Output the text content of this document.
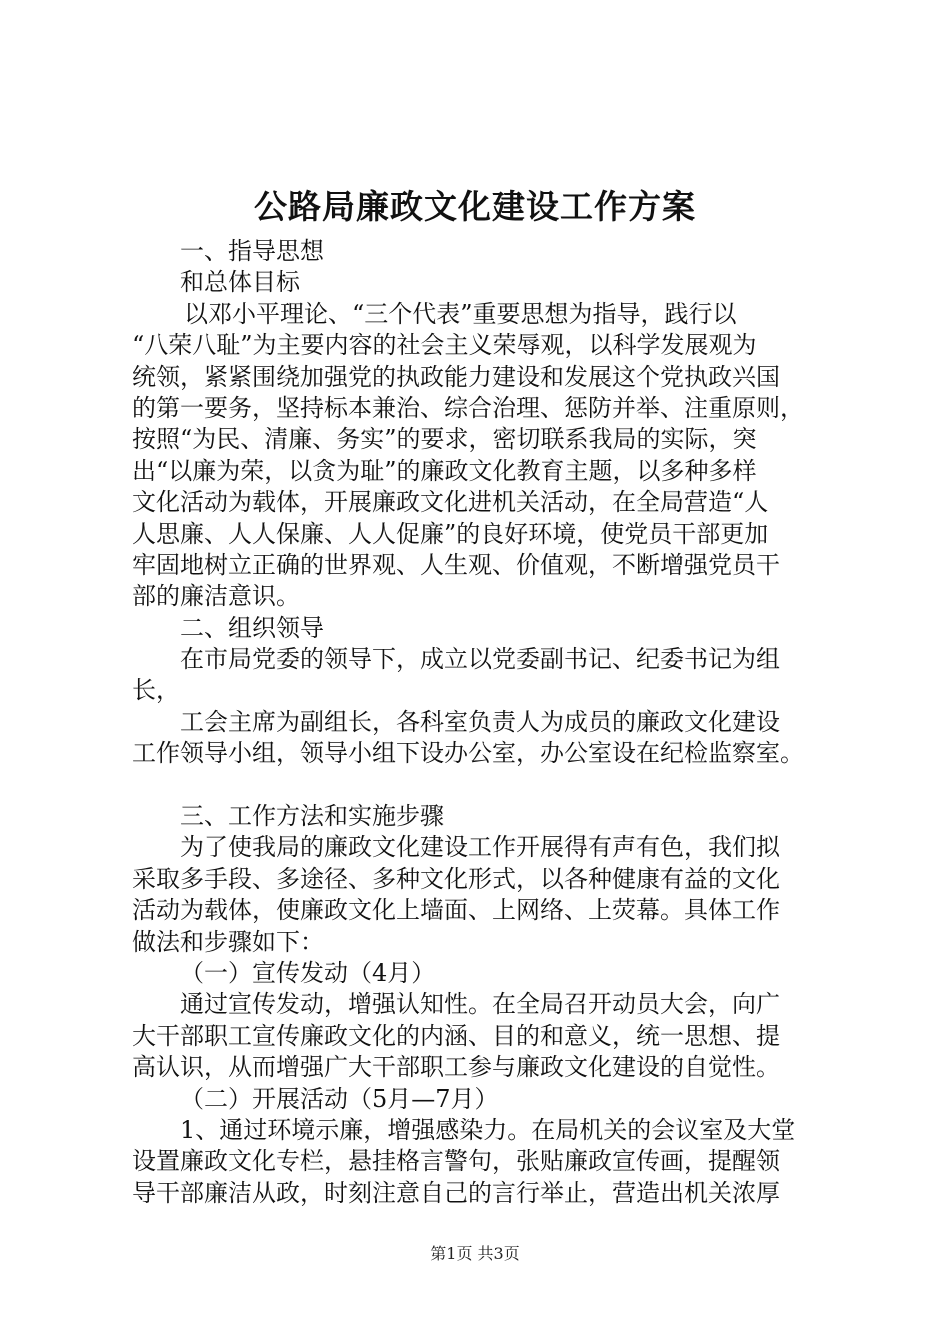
公路局廉政文化建设工作方案
一、指导思想
和总体目标
以邓小平理论、“三个代表”重要思想为指导，践行以
“八荣八耻”为主要内容的社会主义荣辱观，以科学发展观为
统领，紧紧围绕加强党的执政能力建设和发展这个党执政兴国
的第一要务，坚持标本兼治、综合治理、惩防并举、注重原则，
按照“为民、清廉、务实”的要求，密切联系我局的实际，突
出“以廉为荣，以贪为耻”的廉政文化教育主题，以多种多样
文化活动为载体，开展廉政文化进机关活动，在全局营造“人
人思廉、人人保廉、人人促廉”的良好环境，使党员干部更加
牢固地树立正确的世界观、人生观、价值观，不断增强党员干
部的廉洁意识。
二、组织领导
在市局党委的领导下，成立以党委副书记、纪委书记为组
长，
工会主席为副组长，各科室负责人为成员的廉政文化建设
工作领导小组，领导小组下设办公室，办公室设在纪检监察室。
三、工作方法和实施步骤
为了使我局的廉政文化建设工作开展得有声有色，我们拟
采取多手段、多途径、多种文化形式，以各种健康有益的文化
活动为载体，使廉政文化上墙面、上网络、上荧幕。具体工作
做法和步骤如下：
（一）宣传发动（4月）
通过宣传发动，增强认知性。在全局召开动员大会，向广
大干部职工宣传廉政文化的内涵、目的和意义，统一思想、提
高认识，从而增强广大干部职工参与廉政文化建设的自觉性。
（二）开展活动（5月—7月）
1、通过环境示廉，增强感染力。在局机关的会议室及大堂
设置廉政文化专栏，悬挂格言警句，张贴廉政宣传画，提醒领
导干部廉洁从政，时刻注意自己的言行举止，营造出机关浓厚
第1页 共3页
